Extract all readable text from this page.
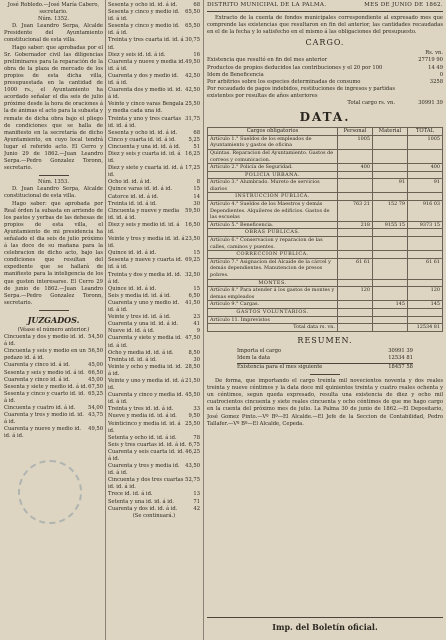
José Robledo.—José María Cabero, secretario.

Núm. 1352.

D. Juan Leandro Serpa, Alcalde Presidente del Ayuntamiento constitucional de esta villa.

Hago saber: que aprobadas por el Sr. Gobernador civil las diligencias preliminares para la reparación de la obra de la plaza de mercado de los propios de esta dicha villa, presupuestada en la cantidad de 1000 rs., el Ayuntamiento ha acordado señalar el dia seis de julio próximo desde la hora de oraciones á la de ánimas el acto para la subasta y remate de dicha obra bajo el pliego de condiciones que se halla de manifiesto en la secretaría de dicho Ayuntamiento, en cuyo local tendrá lugar el referido acto. El Cerro y Junio 29 de 1862.—Juan Leandro Serpa.—Pedro Gonzalez Toronn, secretario.

Núm. 1353.

D. Juan Leandro Serpa, Alcalde constitucional de esta villa.

Hago saber: que aprobada por Real órden la subasta en arriendo de los pastos y yerbas de las dehesas de propios de esta villa, el Ayuntamiento de mi presidencia ha señalado el dia seis de julio próximo á las doce de su mañana para la celebracion de dicho acto, bajo las condiciones que resultan del expediente que se hallará de manifiesto para la inteligencia de los que gusten interesarse. El Cerro 29 de junio de 1862.—Juan Leandro Serpa.—Pedro Gonzalez Toronn, secretario.

JUZGADOS.

(Véase el número anterior.)

Cincuenta y dos y medio id. id. á id.
54,50
Cincuenta y seis y medio en un pedazo id. á id.
56,50
Cuarenta y cinco id. á id.	45,00
Sesenta y seis y medio id. á id. 66,50
Cuarenta y cinco id. á id.	45,00
Sesenta y siete y medio id. á id. 67,50
Sesenta y cinco y cuarto id. id. á id.
65,25
Cincuenta y cuatro id. á id. 54,00
Cuarenta y tres y medio id. id. á id.
43,75
Cuarenta y nueve y medio id. id. á id.
49,50
Sesenta y ocho id. id. á id.	68
Sesenta y cinco y medio id. id. á id.
65,50
Sesenta y cinco y medio id. id. á id.
65,50
Treinta y tres cuarta id. id. á id.
30,75
Diez y seis id. id. á id.	16
Cuarenta y nueve y media id. id. á id.
49,50
Cuarenta y dos y medio id. id. á id.
42,50
Cuarenta dos y medio id. id. á id.
42,50
Veinte y cinco varas Bengala y media cada una id.
25,50
Treinta y uno y tres cuartas id. id. á id.
31,75
Sesenta y ocho id. id. á id.	68
Cinco y cuarta id. id. á id. 5,25
Cincuenta y una id. id. á id.	51
Diez y seis y cuarta id. id. á id.
16,25
Diez y siete y cuarta id. id. á id.
17,25
Ocho id. id. á id.	8
Quince varas id. id. á id.	15
Catorce id. id. á id.	14
Treinta id. id. á id.	30
Cincuenta y nueve y media id. id. á id.
59,50
Diez y seis y medio id. id. á id.
16,50
Veinte y tres y media id. id. á id.
23,50
Quince id. id. á id.	15
Sesenta y nueve y cuarta id. id. á id.
69,25
Treinta y dos y media id. id. á id.
32,50
Quince id. id. á id.	15
Seis y media id. id. á id.	6,50
Cuarenta y uno y medio id. id. á id.
41,50
Veinte y tres id. id. á id.	23
Cuarenta y una id. id. á id.	41
Nueve id. id. á id.	9
Cuarenta y siete y media id. id. á id.
47,50
Ocho y media id. id. á id.	8,50
Treinta id. id. á id.	30
Veinte y ocho y media id. id. á id.
28,50
Veinte y uno y media id. id. á id.
21,50
Cuarenta y cinco y media id. id. á id.
45,50
Treinta y tres id. id. á id.	33
Nueve y media id. id. á id. 9,50
Veinticinco y media id. id. á id.
25,50
Setenta y ocho id. id. á id.	78
Seis y tres cuartas id. id. á id. 6,75
Cuarenta y seis cuarta id. id. á id.
46,25
Cuarenta y tres y media id. id. á id.
43,50
Cincuenta y dos tres cuartas id. id. á id.
52,75
Trece id. id. á id.	13
Setenta y una id. id. á id.	71
Cuarenta y dos id. id. á id.	42

(Se continuará.)

DISTRITO MUNICIPAL DE LA PALMA.	MES DE JUNIO DE 1862.

Extracto de la cuenta de fondos municipales correspondiente al expresado mes que comprende las existencias que resultaron en fin del anterior, las cantidades recaudadas en el de la fecha y lo satisfecho en el mismo á las obligaciones del presupuesto.

CARGO.
Rs. vn.
Existencia que resultó en fin del mes anterior	27719 90
Productos de propios deducidos las contribuciones y el 20 por 100	14 49
Idem de Beneficencia	0
Por arbitrios sobre los especies determinadas de consumo	3258
Por recaudado de pagos indebidos, restituciones de ingresos y partidas existentes por resultas de años anteriores
Total cargo rs. vn.	30991 39
DATA.
Cargos obligatorios	Personal	Material	TOTAL
Artículo 1.° Sueldos de los empleados de Ayuntamiento y gastos de oficina	1005		1005
Quintas. Reparacion del Ayuntamiento. Gastos de correos y comunicacion.			
Artículo 2.° Policía de Seguridad.	400		400
POLICIA URBANA.			
Artículo 3.° Alumbrado. Mureto de servicios diarios		91	91
INSTRUCCION PÚBLICA.			
Artículo 4.° Sueldos de los Maestros y demás Dependientes. Alquileres de edificios. Gastos de las escuelas	763 21	152 79	916 03
Artículo 5.° Beneficencia.	218	9155 15	9373 15
OBRAS PÚBLICAS.			
Artículo 6.° Conservacion y reparacion de las calles, caminos y puentes.			
CORRECCION PÚBLICA.			
Artículo 7.° Asignacion del Alcaide de la cárcel y demás dependientes. Manutencion de presos pobres.	61 61		61 61
MONTES.			
Artículo 8.° Para atender á los gastos de montes y demas empleados	120		120
Artículo 9.° Cargas.		145	145
GASTOS VOLUNTARIOS.			
Artículo 11. Imprevistos			
Total data rs. vn.			12534 81
RESUMEN.
Importa el cargo	30991 39
Idem la data	12534 81
Existencia para el mes siguiente	18457 58

De forma, que importando el cargo treinta mil novecientos noventa y dos reales treinta y nueve céntimos y la data doce mil quinientos treinta y cuatro reales ochenta y un céntimos, segun queda expresado, resulta una existencia de diez y ocho mil cuatrocientos cincuenta y siete reales cincuenta y ocho céntimos de que me hago cargo en la cuenta del próximo mes de julio. La Palma 30 de junio de 1862.—El Depositario, José Gomez Pinto.—Vº Bº—El Alcalde.—El Jefe de la Seccion de Contabilidad, Pedro Tallafer.—Vº Bº—El Alcalde, Cepeda.

Imp. del Boletín oficial.
